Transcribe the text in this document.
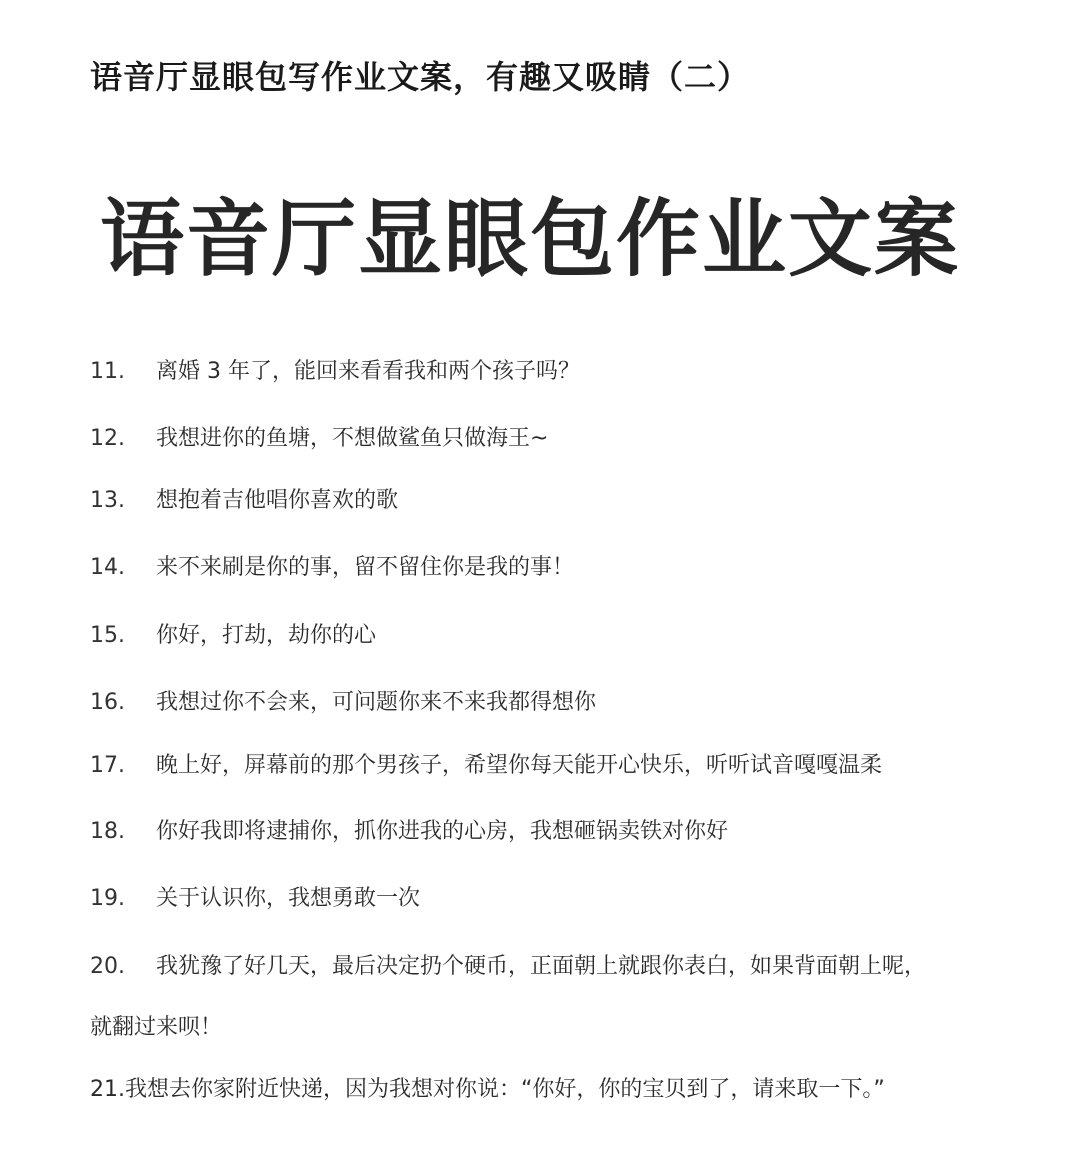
语音厅显眼包写作业文案，有趣又吸睛（二）
语音厅显眼包作业文案
11. 离婚 3 年了，能回来看看我和两个孩子吗？
12. 我想进你的鱼塘，不想做鲨鱼只做海王~
13. 想抱着吉他唱你喜欢的歌
14. 来不来刷是你的事，留不留住你是我的事！
15. 你好，打劫，劫你的心
16. 我想过你不会来，可问题你来不来我都得想你
17. 晚上好，屏幕前的那个男孩子，希望你每天能开心快乐，听听试音嘎嘎温柔
18. 你好我即将逮捕你，抓你进我的心房，我想砸锅卖铁对你好
19. 关于认识你，我想勇敢一次
20. 我犹豫了好几天，最后决定扔个硬币，正面朝上就跟你表白，如果背面朝上呢，
就翻过来呗！
21.我想去你家附近快递，因为我想对你说：“你好，你的宝贝到了，请来取一下。”
